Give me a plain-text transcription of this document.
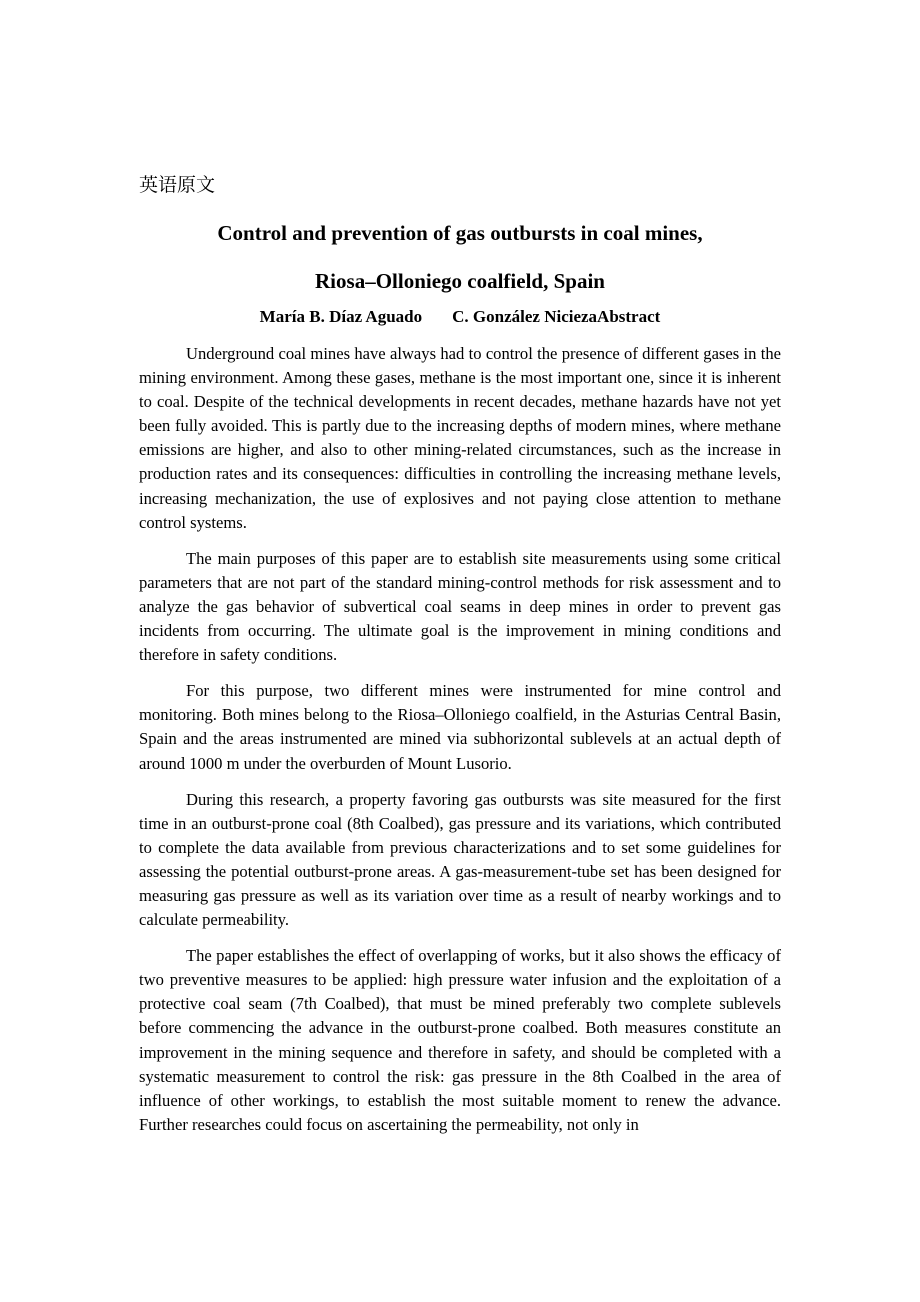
英语原文
Control and prevention of gas outbursts in coal mines,
Riosa–Olloniego coalfield, Spain

María B. Díaz Aguado C. González NiciezaAbstract

Underground coal mines have always had to control the presence of different gases in the mining environment. Among these gases, methane is the most important one, since it is inherent to coal. Despite of the technical developments in recent decades, methane hazards have not yet been fully avoided. This is partly due to the increasing depths of modern mines, where methane emissions are higher, and also to other mining-related circumstances, such as the increase in production rates and its consequences: difficulties in controlling the increasing methane levels, increasing mechanization, the use of explosives and not paying close attention to methane control systems.

The main purposes of this paper are to establish site measurements using some critical parameters that are not part of the standard mining-control methods for risk assessment and to analyze the gas behavior of subvertical coal seams in deep mines in order to prevent gas incidents from occurring. The ultimate goal is the improvement in mining conditions and therefore in safety conditions.

For this purpose, two different mines were instrumented for mine control and monitoring. Both mines belong to the Riosa–Olloniego coalfield, in the Asturias Central Basin, Spain and the areas instrumented are mined via subhorizontal sublevels at an actual depth of around 1000 m under the overburden of Mount Lusorio.

During this research, a property favoring gas outbursts was site measured for the first time in an outburst-prone coal (8th Coalbed), gas pressure and its variations, which contributed to complete the data available from previous characterizations and to set some guidelines for assessing the potential outburst-prone areas. A gas-measurement-tube set has been designed for measuring gas pressure as well as its variation over time as a result of nearby workings and to calculate permeability.

The paper establishes the effect of overlapping of works, but it also shows the efficacy of two preventive measures to be applied: high pressure water infusion and the exploitation of a protective coal seam (7th Coalbed), that must be mined preferably two complete sublevels before commencing the advance in the outburst-prone coalbed. Both measures constitute an improvement in the mining sequence and therefore in safety, and should be completed with a systematic measurement to control the risk: gas pressure in the 8th Coalbed in the area of influence of other workings, to establish the most suitable moment to renew the advance. Further researches could focus on ascertaining the permeability, not only in
